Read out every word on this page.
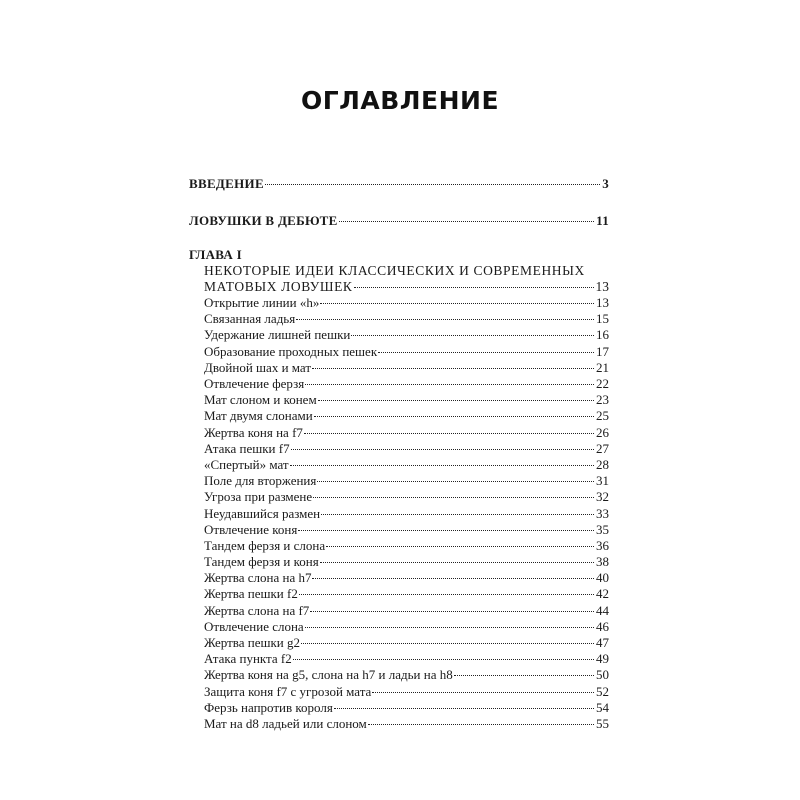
ОГЛАВЛЕНИЕ
ВВЕДЕНИЕ	3
ЛОВУШКИ В ДЕБЮТЕ	11
ГЛАВА I
НЕКОТОРЫЕ ИДЕИ КЛАССИЧЕСКИХ И СОВРЕМЕННЫХ
МАТОВЫХ ЛОВУШЕК	13
Открытие линии «h»	13
Связанная ладья	15
Удержание лишней пешки	16
Образование проходных пешек	17
Двойной шах и мат	21
Отвлечение ферзя	22
Мат слоном и конем	23
Мат двумя слонами	25
Жертва коня на f7	26
Атака пешки f7	27
«Спертый» мат	28
Поле для вторжения	31
Угроза при размене	32
Неудавшийся размен	33
Отвлечение коня	35
Тандем ферзя и слона	36
Тандем ферзя и коня	38
Жертва слона на h7	40
Жертва пешки f2	42
Жертва слона на f7	44
Отвлечение слона	46
Жертва пешки g2	47
Атака пункта f2	49
Жертва коня на g5, слона на h7 и ладьи на h8	50
Защита коня f7 с угрозой мата	52
Ферзь напротив короля	54
Мат на d8 ладьей или слоном	55
